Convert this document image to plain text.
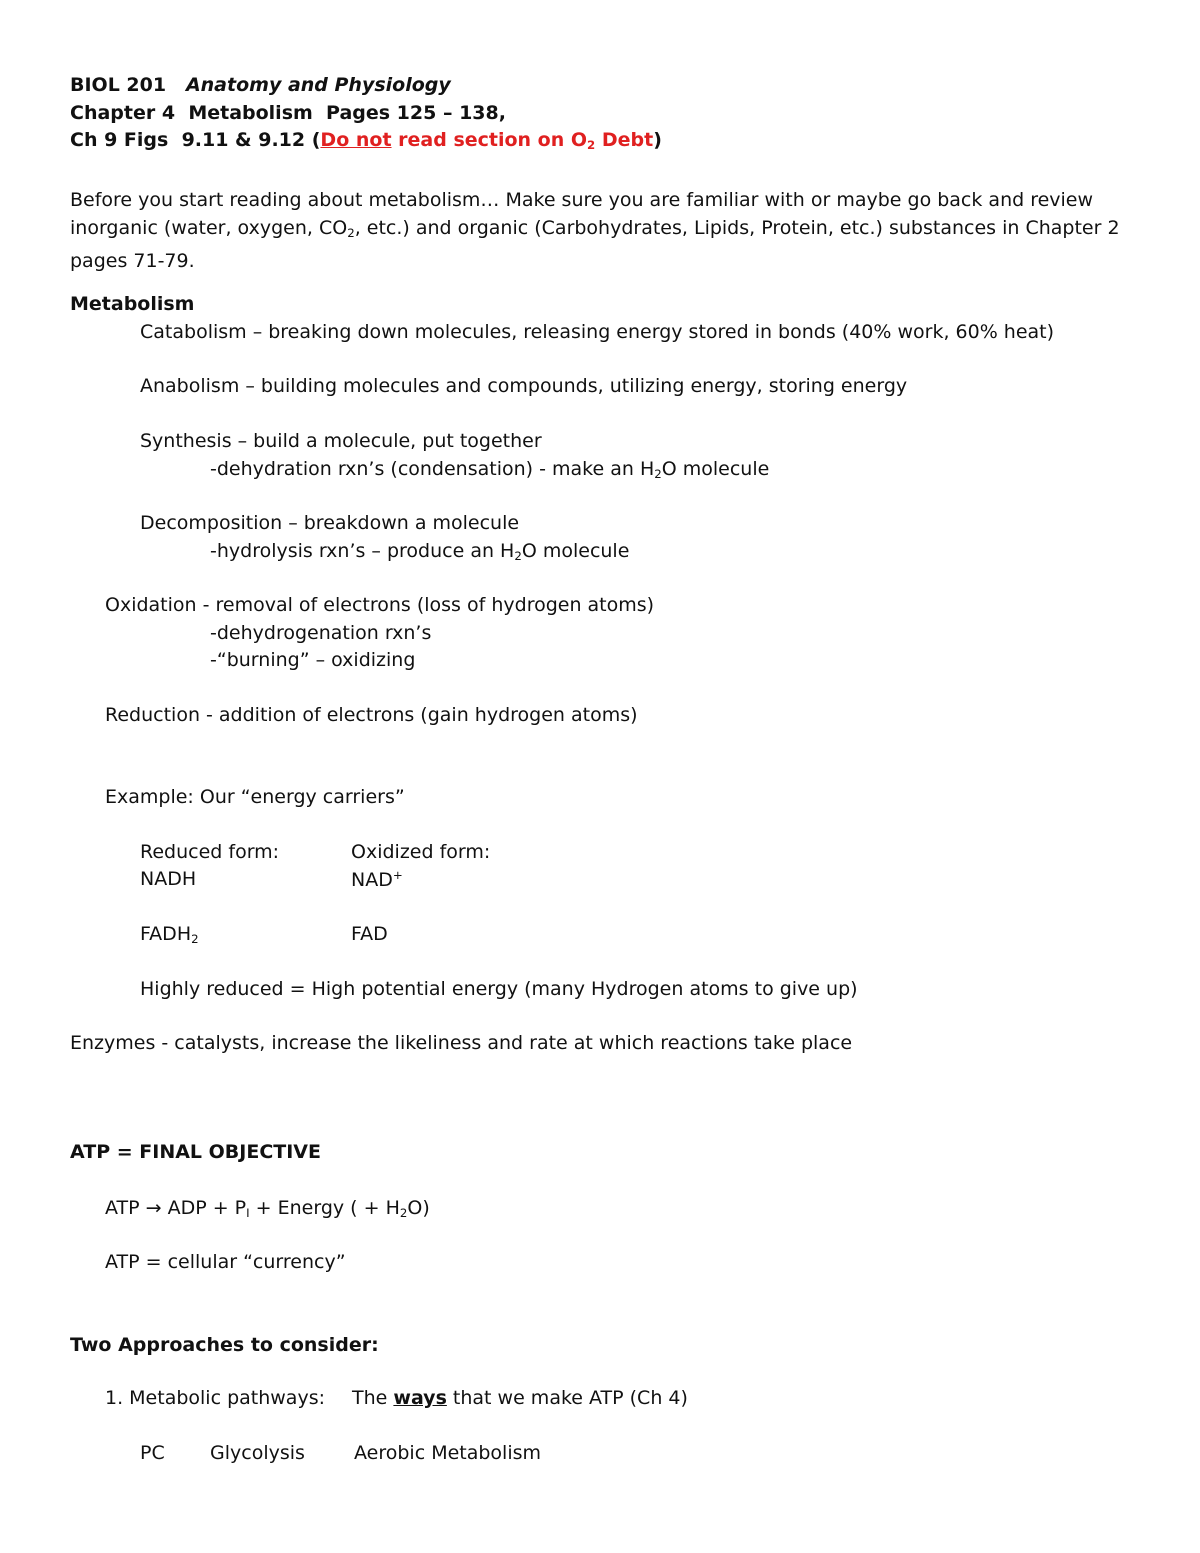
BIOL 201 Anatomy and Physiology
Chapter 4 Metabolism Pages 125 – 138,
Ch 9 Figs 9.11 & 9.12 (Do not read section on $O_2$ Debt)
Before you start reading about metabolism… Make sure you are familiar with or maybe go back and review inorganic (water, oxygen, $CO_2$, etc.) and organic (Carbohydrates, Lipids, Protein, etc.) substances in Chapter 2 pages 71-79.
Metabolism
Catabolism – breaking down molecules, releasing energy stored in bonds (40% work, 60% heat)
Anabolism – building molecules and compounds, utilizing energy, storing energy
Synthesis – build a molecule, put together
-dehydration rxn’s (condensation) - make an $H_2O$ molecule
Decomposition – breakdown a molecule
-hydrolysis rxn’s – produce an $H_2O$ molecule
Oxidation - removal of electrons (loss of hydrogen atoms)
-dehydrogenation rxn’s
-“burning” – oxidizing
Reduction - addition of electrons (gain hydrogen atoms)
Example: Our “energy carriers”
Reduced form:	Oxidized form:
NADH	NAD+
$FADH_2$	FAD
Highly reduced = High potential energy (many Hydrogen atoms to give up)
Enzymes - catalysts, increase the likeliness and rate at which reactions take place
ATP = FINAL OBJECTIVE
ATP → ADP + $P_I$ + Energy ( + $H_2O$)
ATP = cellular “currency”
Two Approaches to consider:
1. Metabolic pathways: The ways that we make ATP (Ch 4)
PC Glycolysis	Aerobic Metabolism
